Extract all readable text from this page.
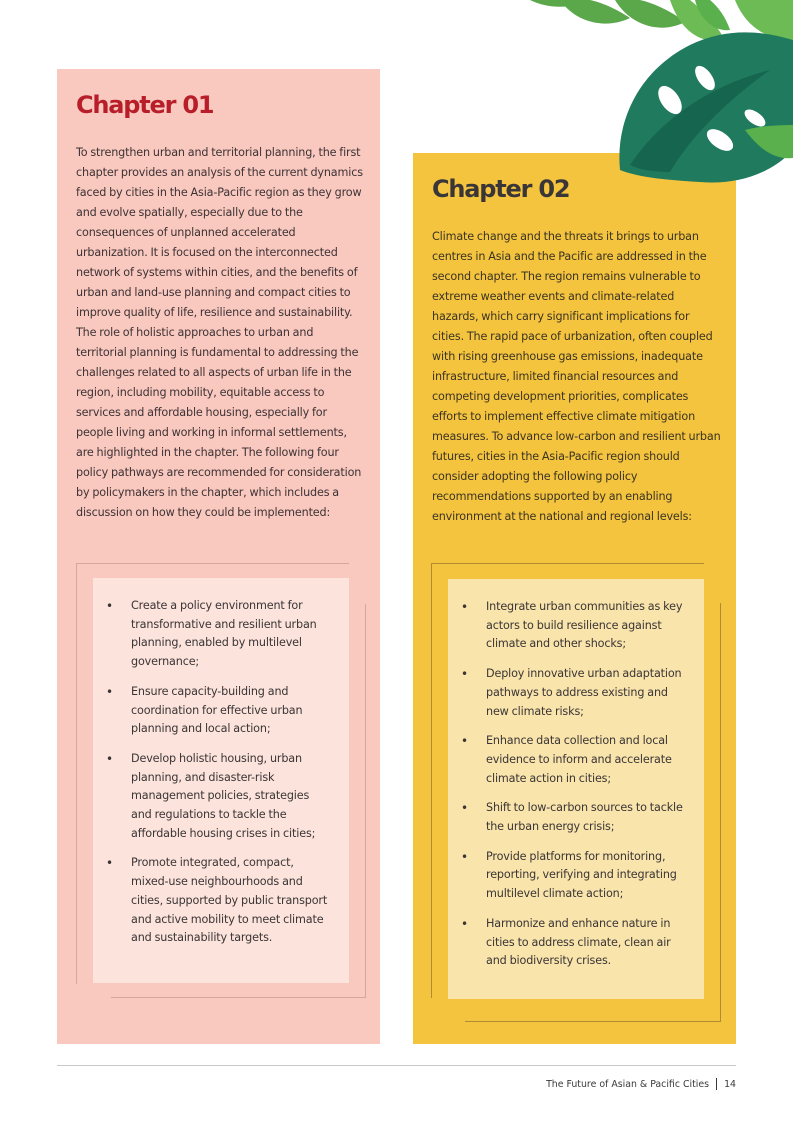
Chapter 01

To strengthen urban and territorial planning, the first chapter provides an analysis of the current dynamics faced by cities in the Asia-Pacific region as they grow and evolve spatially, especially due to the consequences of unplanned accelerated urbanization. It is focused on the interconnected network of systems within cities, and the benefits of urban and land-use planning and compact cities to improve quality of life, resilience and sustainability. The role of holistic approaches to urban and territorial planning is fundamental to addressing the challenges related to all aspects of urban life in the region, including mobility, equitable access to services and affordable housing, especially for people living and working in informal settlements, are highlighted in the chapter. The following four policy pathways are recommended for consideration by policymakers in the chapter, which includes a discussion on how they could be implemented:

• Create a policy environment for transformative and resilient urban planning, enabled by multilevel governance;
• Ensure capacity-building and coordination for effective urban planning and local action;
• Develop holistic housing, urban planning, and disaster-risk management policies, strategies and regulations to tackle the affordable housing crises in cities;
• Promote integrated, compact, mixed-use neighbourhoods and cities, supported by public transport and active mobility to meet climate and sustainability targets.
Chapter 02

Climate change and the threats it brings to urban centres in Asia and the Pacific are addressed in the second chapter. The region remains vulnerable to extreme weather events and climate-related hazards, which carry significant implications for cities. The rapid pace of urbanization, often coupled with rising greenhouse gas emissions, inadequate infrastructure, limited financial resources and competing development priorities, complicates efforts to implement effective climate mitigation measures. To advance low-carbon and resilient urban futures, cities in the Asia-Pacific region should consider adopting the following policy recommendations supported by an enabling environment at the national and regional levels:

• Integrate urban communities as key actors to build resilience against climate and other shocks;
• Deploy innovative urban adaptation pathways to address existing and new climate risks;
• Enhance data collection and local evidence to inform and accelerate climate action in cities;
• Shift to low-carbon sources to tackle the urban energy crisis;
• Provide platforms for monitoring, reporting, verifying and integrating multilevel climate action;
• Harmonize and enhance nature in cities to address climate, clean air and biodiversity crises.
The Future of Asian & Pacific Cities 14
